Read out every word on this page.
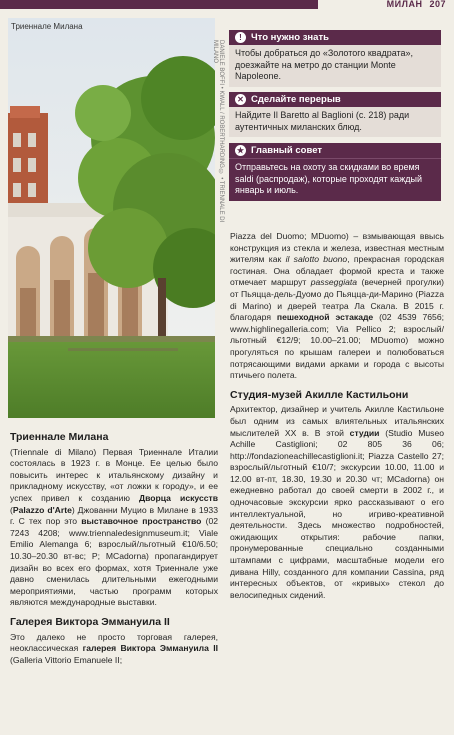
МИЛАН 207
Триеннале Милана
DANIELE BOFFI • KWALL / ROBERTHARDING © • TRIENNALE DI MILANO
! Что нужно знать
Чтобы добраться до «Золотого квадрата», доезжайте на метро до станции Monte Napoleone.
✕ Сделайте перерыв
Найдите Il Baretto al Baglioni (с. 218) ради аутентичных миланских блюд.
★ Главный совет
Отправьтесь на охоту за скидками во время saldi (распродаж), которые проходят каждый январь и июль.
Триеннале Милана

(Triennale di Milano) Первая Триеннале Италии состоялась в 1923 г. в Монце. Ее целью было повысить интерес к итальянскому дизайну и прикладному искусству, «от ложки к городу», и ее успех привел к созданию Дворца искусств (Palazzo d'Arte) Джованни Муцио в Милане в 1933 г. С тех пор это выставочное пространство (02 7243 4208; www.triennaledesignmuseum.it; Viale Emilio Alemanga 6; взрослый/льготный €10/6.50; 10.30–20.30 вт-вс; P; MCadorna) пропагандирует дизайн во всех его формах, хотя Триеннале уже давно сменилась длительными ежегодными мероприятиями, частью программ которых являются международные выставки.

Галерея Виктора Эммануила II

Это далеко не просто торговая галерея, неоклассическая галерея Виктора Эммануила II (Galleria Vittorio Emanuele II;

Piazza del Duomo; MDuomo) – взмывающая ввысь конструкция из стекла и железа, известная местным жителям как il salotto buono, прекрасная городская гостиная. Она обладает формой креста и также отмечает маршрут passeggiata (вечерней прогулки) от Пьяцца-дель-Дуомо до Пьяцца-ди-Марино (Piazza di Marino) и дверей театра Ла Скала. В 2015 г. благодаря пешеходной эстакаде (02 4539 7656; www.highlinegalleria.com; Via Pellico 2; взрослый/льготный €12/9; 10.00–21.00; MDuomo) можно прогуляться по крышам галереи и полюбоваться потрясающими видами арками и города с высоты птичьего полета.

Студия-музей Акилле Кастильони

Архитектор, дизайнер и учитель Акилле Кастильоне был одним из самых влиятельных итальянских мыслителей XX в. В этой студии (Studio Museo Achille Castiglioni; 02 805 36 06; http://fondazioneachillecastiglioni.it; Piazza Castello 27; взрослый/льготный €10/7; экскурсии 10.00, 11.00 и 12.00 вт-пт, 18.30, 19.30 и 20.30 чт; MCadorna) он ежедневно работал до своей смерти в 2002 г., и одночасовые экскурсии ярко рассказывают о его интеллектуальной, но игриво-креативной деятельности. Здесь множество подробностей, ожидающих открытия: рабочие папки, пронумерованные специально созданными штампами с цифрами, масштабные модели его дивана Hilly, созданного для компании Cassina, ряд интересных объектов, от «кривых» стекол до велосипедных сидений.
